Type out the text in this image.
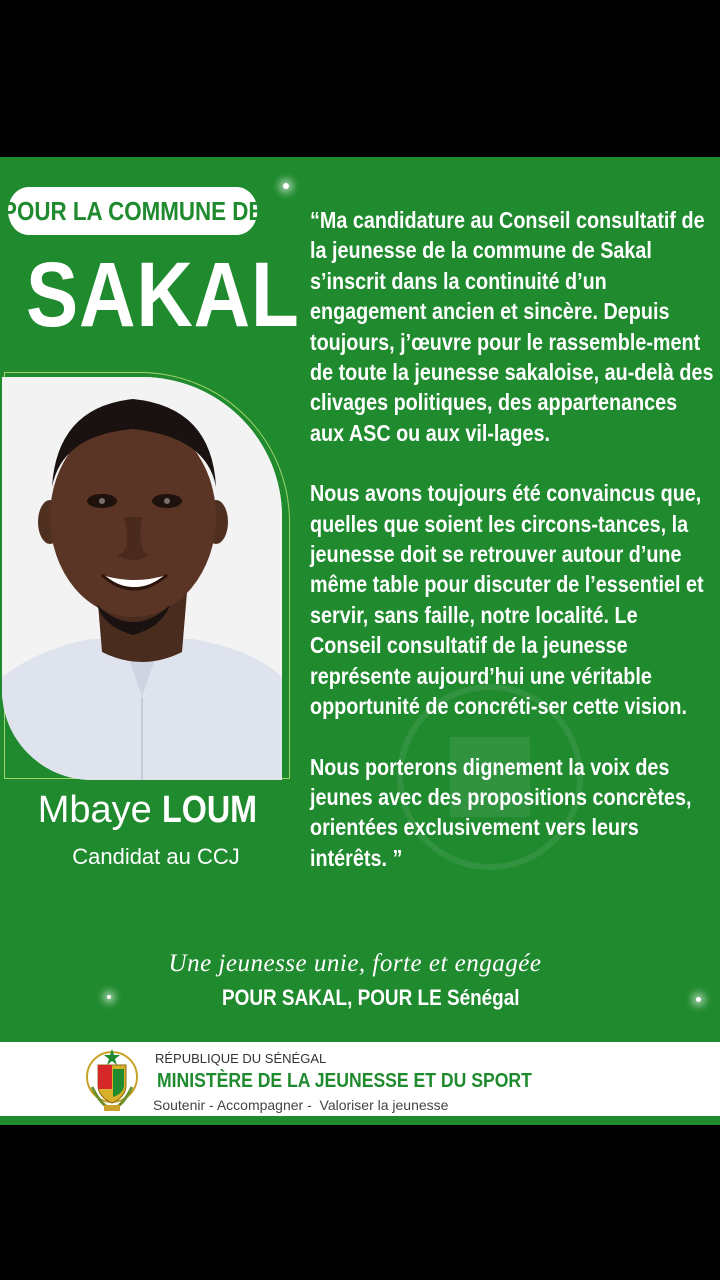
POUR LA COMMUNE DE
SAKAL
Mbaye LOUM
Candidat au CCJ

“Ma candidature au Conseil consultatif de la jeunesse de la commune de Sakal s’inscrit dans la continuité d’un engagement ancien et sincère. Depuis toujours, j’œuvre pour le rassemble-ment de toute la jeunesse sakaloise, au-delà des clivages politiques, des appartenances aux ASC ou aux vil-lages.

Nous avons toujours été convaincus que, quelles que soient les circons-tances, la jeunesse doit se retrouver autour d’une même table pour discuter de l’essentiel et servir, sans faille, notre localité. Le Conseil consultatif de la jeunesse représente aujourd’hui une véritable opportunité de concréti-ser cette vision.

Nous porterons dignement la voix des jeunes avec des propositions concrètes, orientées exclusivement vers leurs intérêts. ”

Une jeunesse unie, forte et engagée
POUR SAKAL, POUR LE Sénégal
RÉPUBLIQUE DU SÉNÉGAL
MINISTÈRE DE LA JEUNESSE ET DU SPORT
Soutenir - Accompagner -  Valoriser la jeunesse
